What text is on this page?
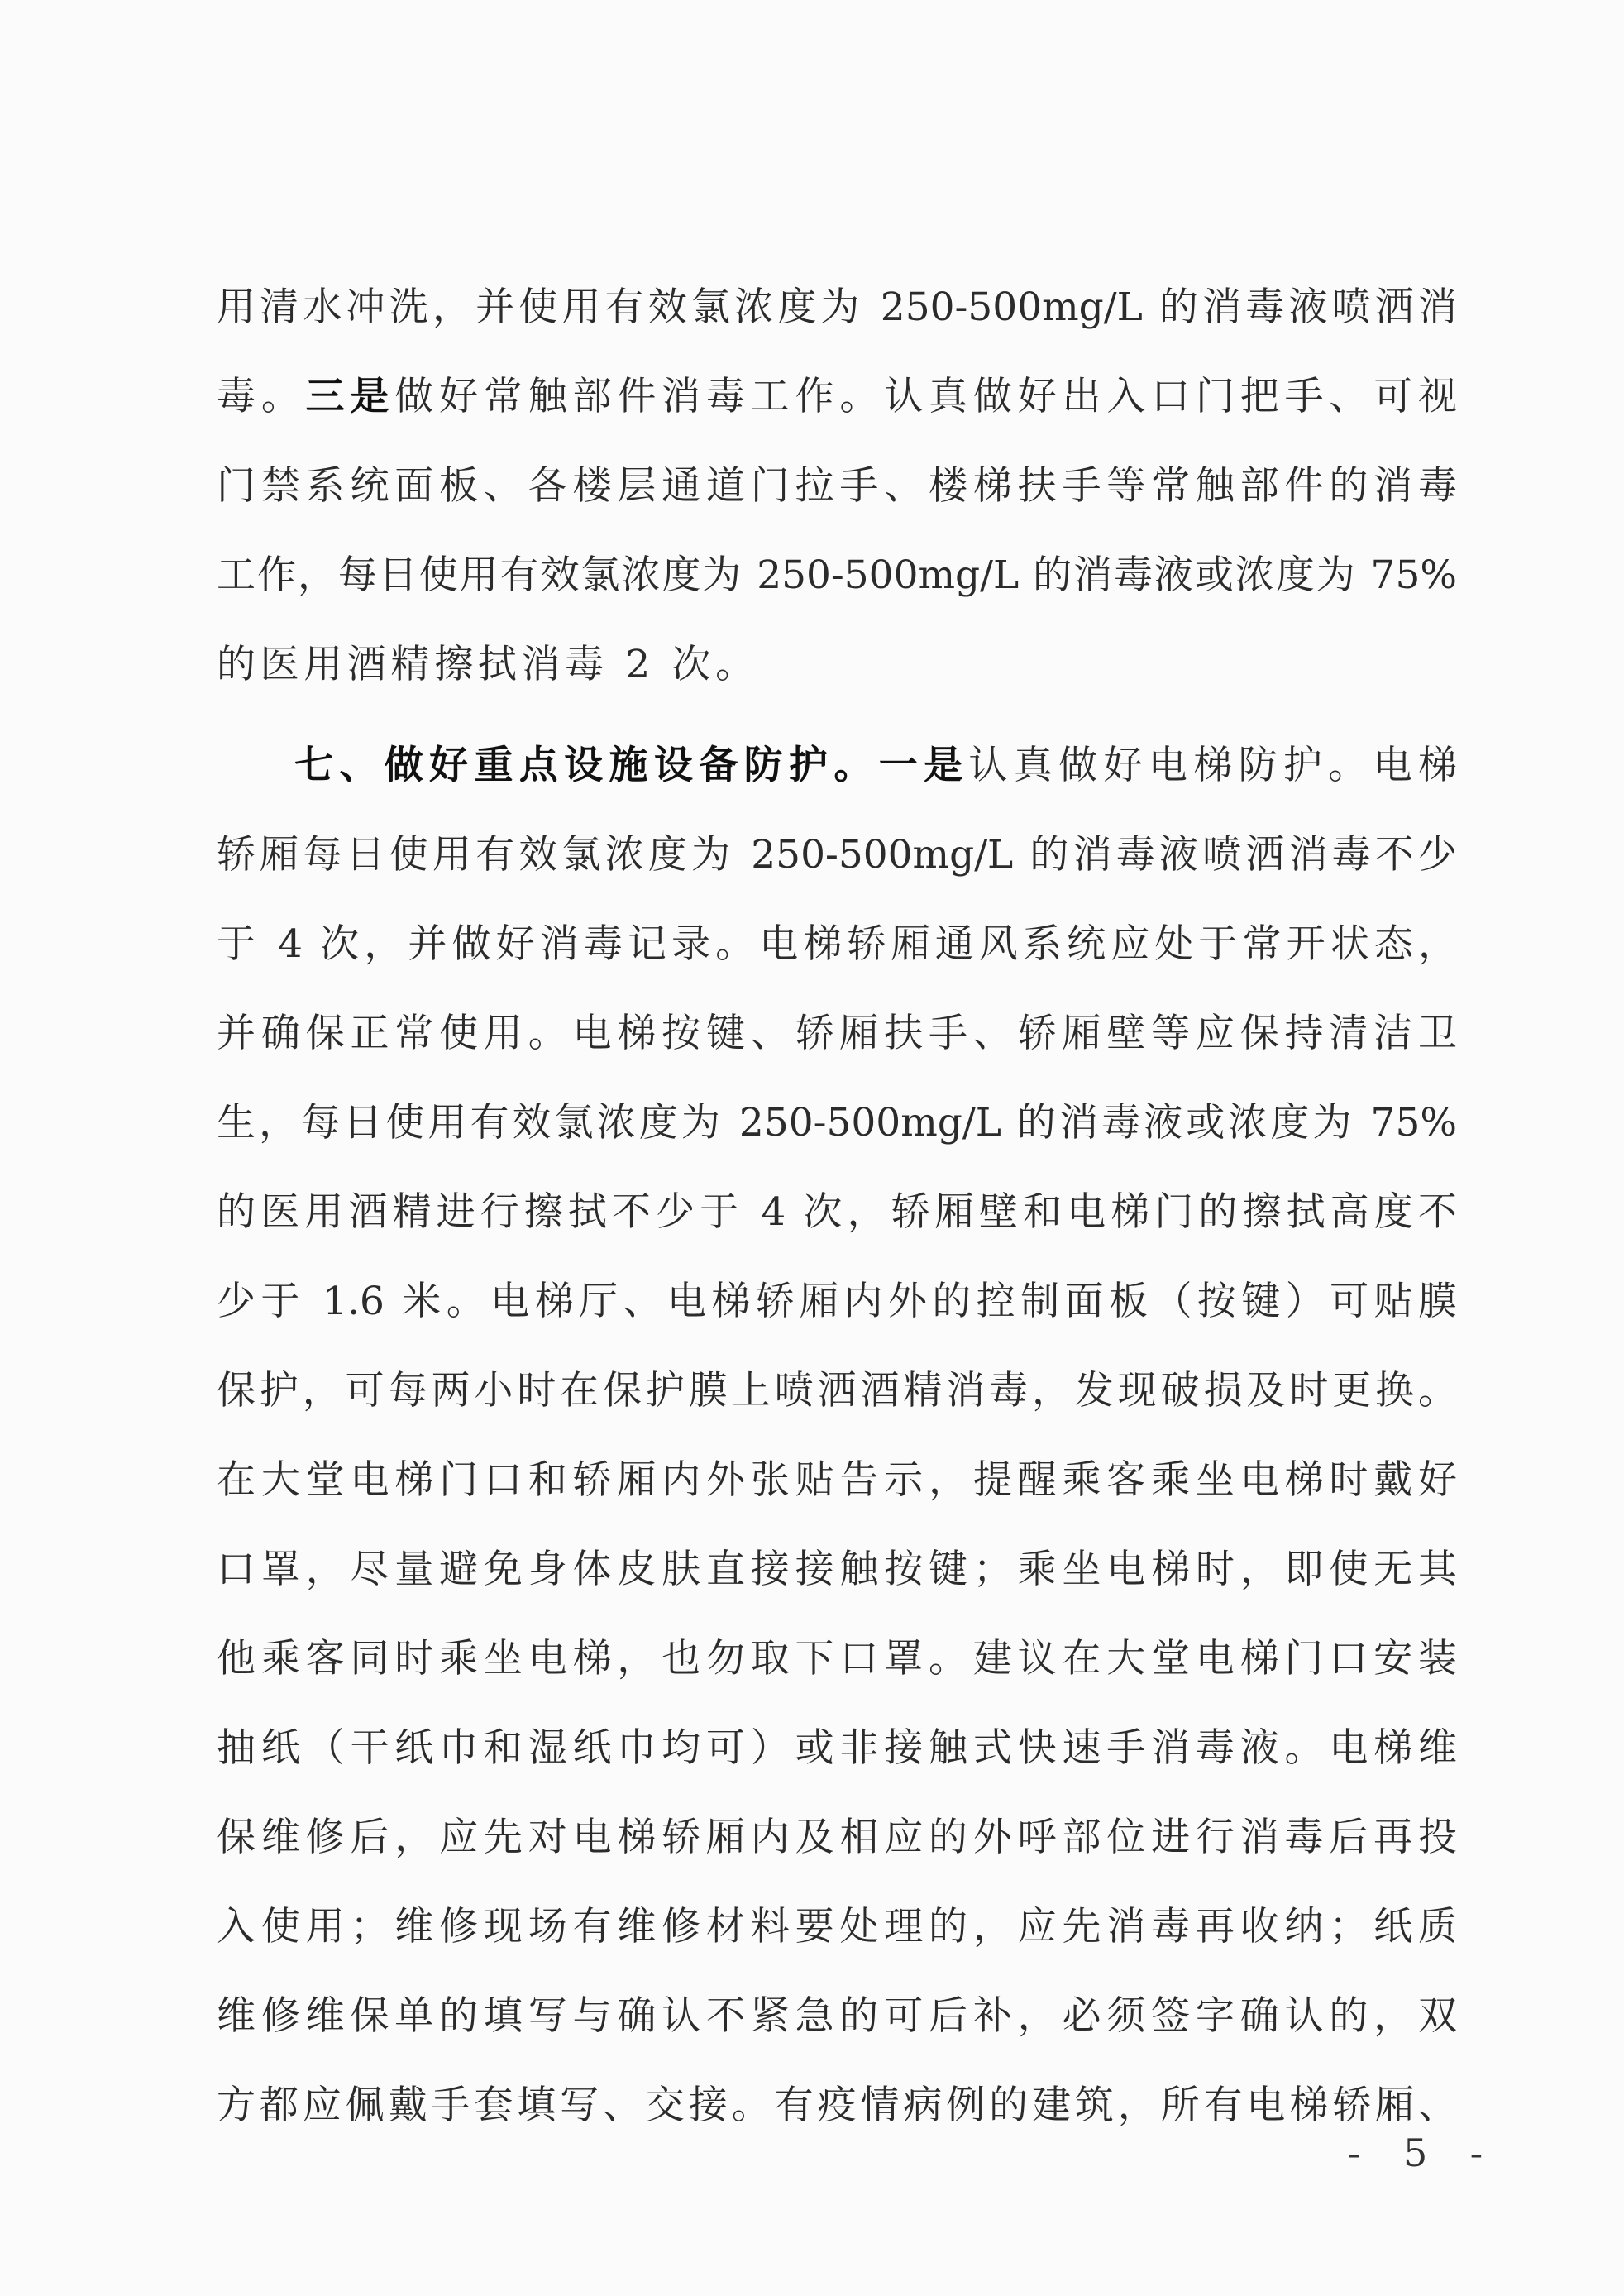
用清水冲洗，并使用有效氯浓度为 250-500mg/L 的消毒液喷洒消
毒。三是做好常触部件消毒工作。认真做好出入口门把手、可视
门禁系统面板、各楼层通道门拉手、楼梯扶手等常触部件的消毒
工作，每日使用有效氯浓度为 250-500mg/L 的消毒液或浓度为 75%
的医用酒精擦拭消毒 2 次。
七、做好重点设施设备防护。一是认真做好电梯防护。电梯
轿厢每日使用有效氯浓度为 250-500mg/L 的消毒液喷洒消毒不少
于 4 次，并做好消毒记录。电梯轿厢通风系统应处于常开状态，
并确保正常使用。电梯按键、轿厢扶手、轿厢壁等应保持清洁卫
生，每日使用有效氯浓度为 250-500mg/L 的消毒液或浓度为 75%
的医用酒精进行擦拭不少于 4 次，轿厢壁和电梯门的擦拭高度不
少于 1.6 米。电梯厅、电梯轿厢内外的控制面板（按键）可贴膜
保护，可每两小时在保护膜上喷洒酒精消毒，发现破损及时更换。
在大堂电梯门口和轿厢内外张贴告示，提醒乘客乘坐电梯时戴好
口罩，尽量避免身体皮肤直接接触按键；乘坐电梯时，即使无其
他乘客同时乘坐电梯，也勿取下口罩。建议在大堂电梯门口安装
抽纸（干纸巾和湿纸巾均可）或非接触式快速手消毒液。电梯维
保维修后，应先对电梯轿厢内及相应的外呼部位进行消毒后再投
入使用；维修现场有维修材料要处理的，应先消毒再收纳；纸质
维修维保单的填写与确认不紧急的可后补，必须签字确认的，双
方都应佩戴手套填写、交接。有疫情病例的建筑，所有电梯轿厢、
- 5 -
